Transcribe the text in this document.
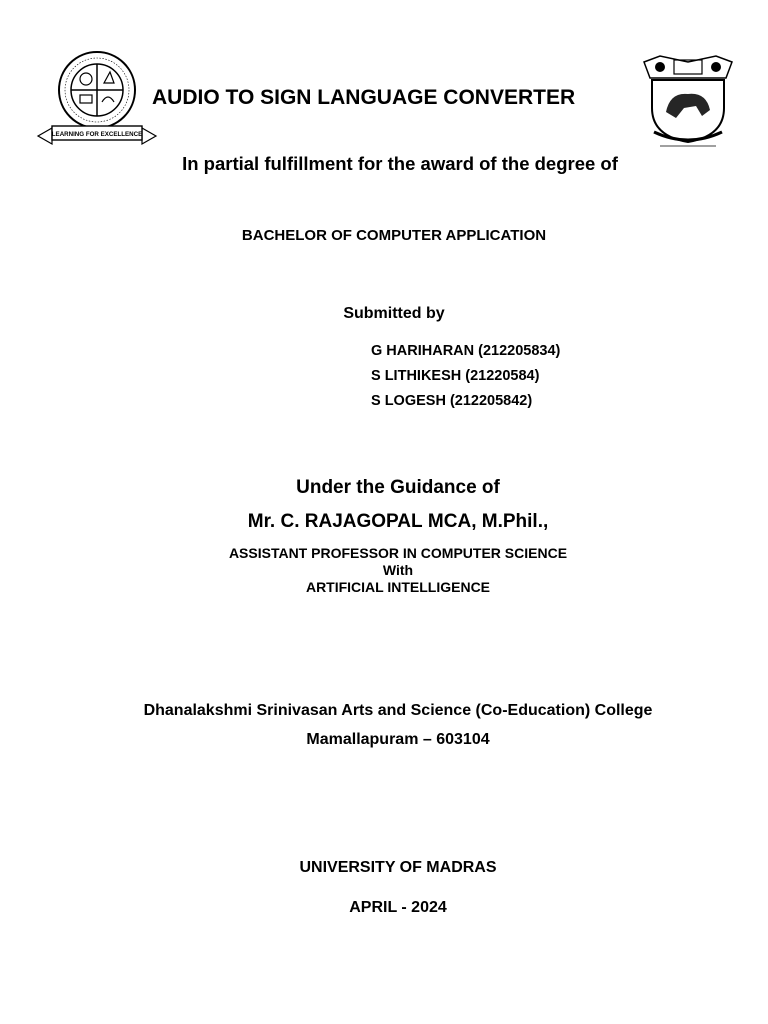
LEARNING FOR EXCELLENCE
AUDIO TO SIGN LANGUAGE CONVERTER
In partial fulfillment for the award of the degree of
BACHELOR OF COMPUTER APPLICATION
Submitted by
G HARIHARAN (212205834)
S LITHIKESH (21220584)
S LOGESH (212205842)
Under the Guidance of
Mr. C. RAJAGOPAL MCA, M.Phil.,
ASSISTANT PROFESSOR IN COMPUTER SCIENCE
With
ARTIFICIAL INTELLIGENCE
Dhanalakshmi Srinivasan Arts and Science (Co-Education) College
Mamallapuram – 603104
UNIVERSITY OF MADRAS
APRIL - 2024
